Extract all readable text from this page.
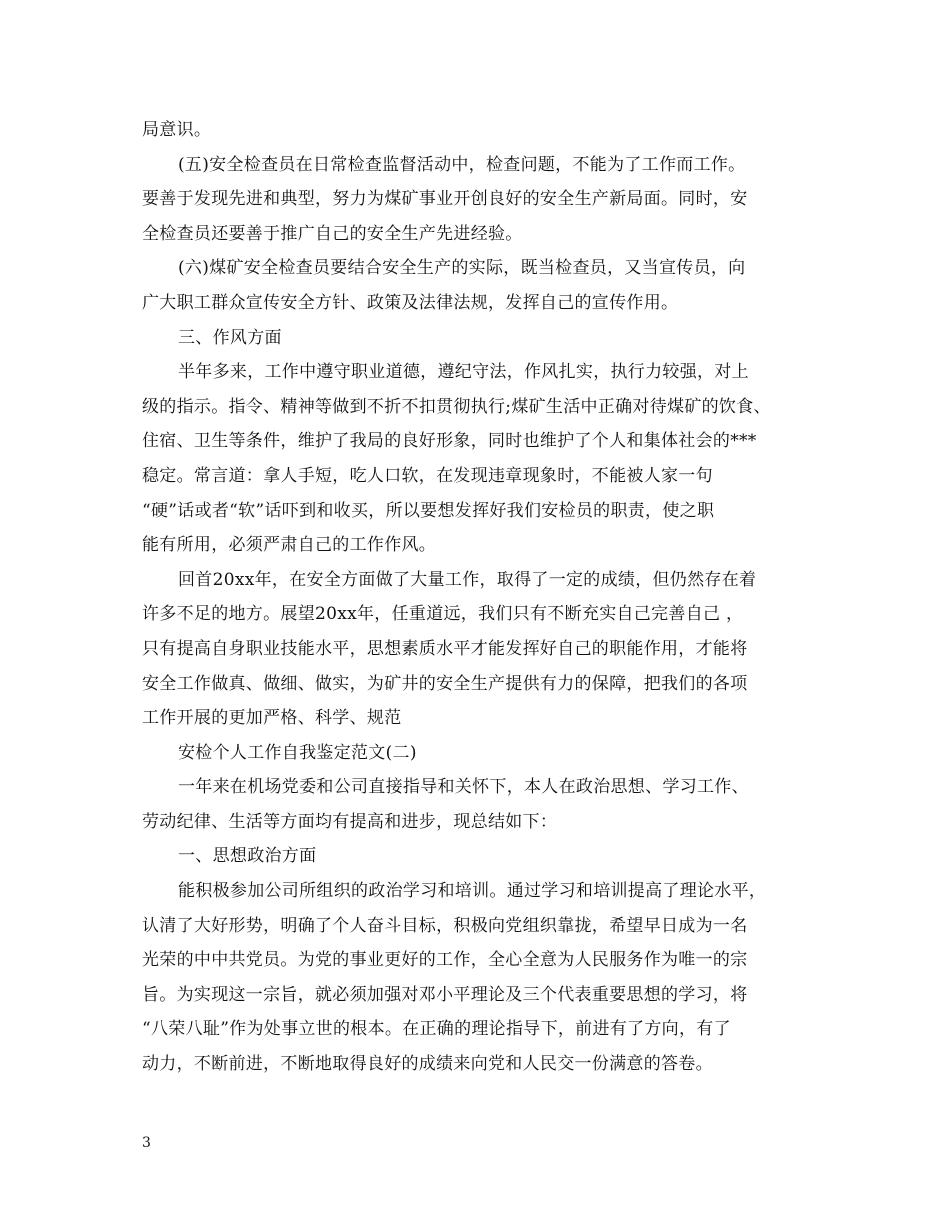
局意识。
(五)安全检查员在日常检查监督活动中，检查问题，不能为了工作而工作。
要善于发现先进和典型，努力为煤矿事业开创良好的安全生产新局面。同时，安
全检查员还要善于推广自己的安全生产先进经验。
(六)煤矿安全检查员要结合安全生产的实际，既当检查员，又当宣传员，向
广大职工群众宣传安全方针、政策及法律法规，发挥自己的宣传作用。
三、作风方面
半年多来，工作中遵守职业道德，遵纪守法，作风扎实，执行力较强，对上
级的指示。指令、精神等做到不折不扣贯彻执行;煤矿生活中正确对待煤矿的饮食、
住宿、卫生等条件，维护了我局的良好形象，同时也维护了个人和集体社会的***
稳定。常言道：拿人手短，吃人口软，在发现违章现象时，不能被人家一句
“硬”话或者“软”话吓到和收买，所以要想发挥好我们安检员的职责，使之职
能有所用，必须严肃自己的工作作风。
回首20xx年，在安全方面做了大量工作，取得了一定的成绩，但仍然存在着
许多不足的地方。展望20xx年，任重道远，我们只有不断充实自己完善自己 ，
只有提高自身职业技能水平，思想素质水平才能发挥好自己的职能作用，才能将
安全工作做真、做细、做实，为矿井的安全生产提供有力的保障，把我们的各项
工作开展的更加严格、科学、规范
安检个人工作自我鉴定范文(二)
一年来在机场党委和公司直接指导和关怀下，本人在政治思想、学习工作、
劳动纪律、生活等方面均有提高和进步，现总结如下：
一、思想政治方面
能积极参加公司所组织的政治学习和培训。通过学习和培训提高了理论水平，
认清了大好形势，明确了个人奋斗目标，积极向党组织靠拢，希望早日成为一名
光荣的中中共党员。为党的事业更好的工作，全心全意为人民服务作为唯一的宗
旨。为实现这一宗旨，就必须加强对邓小平理论及三个代表重要思想的学习，将
“八荣八耻”作为处事立世的根本。在正确的理论指导下，前进有了方向，有了
动力，不断前进，不断地取得良好的成绩来向党和人民交一份满意的答卷。
3
